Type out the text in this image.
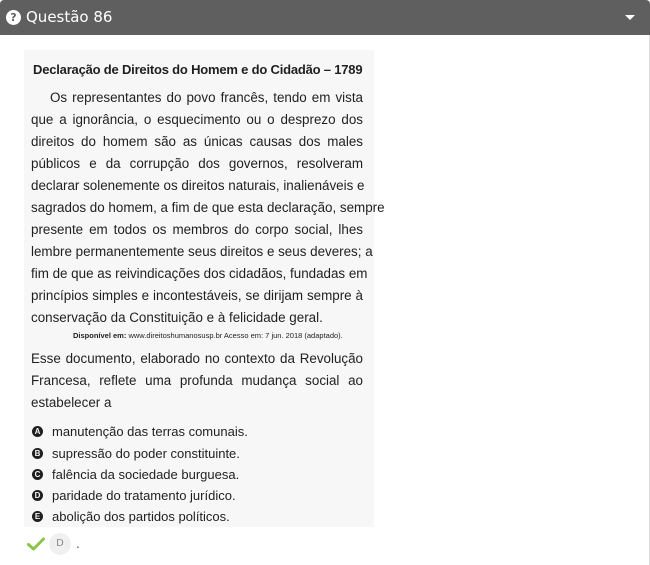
? Questão 86
Declaração de Direitos do Homem e do Cidadão – 1789
Os representantes do povo francês, tendo em vista
que a ignorância, o esquecimento ou o desprezo dos
direitos do homem são as únicas causas dos males
públicos e da corrupção dos governos, resolveram
declarar solenemente os direitos naturais, inalienáveis e
sagrados do homem, a fim de que esta declaração, sempre
presente em todos os membros do corpo social, lhes
lembre permanentemente seus direitos e seus deveres; a
fim de que as reivindicações dos cidadãos, fundadas em
princípios simples e incontestáveis, se dirijam sempre à
conservação da Constituição e à felicidade geral.
Disponível em: www.direitoshumanosusp.br Acesso em: 7 jun. 2018 (adaptado).
Esse documento, elaborado no contexto da Revolução
Francesa, reflete uma profunda mudança social ao
estabelecer a
A manutenção das terras comunais.
B supressão do poder constituinte.
C falência da sociedade burguesa.
D paridade do tratamento jurídico.
E abolição dos partidos políticos.
D	.
